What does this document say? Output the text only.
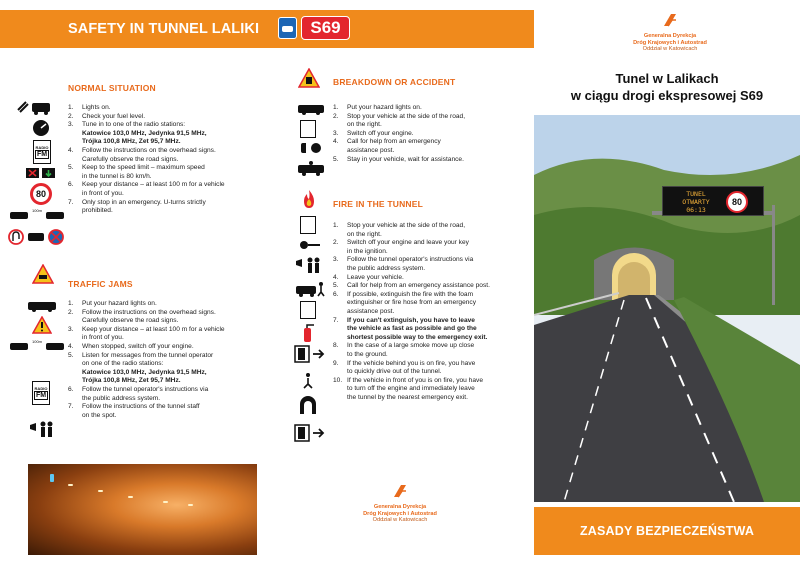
SAFETY IN TUNNEL LALIKI	S69
NORMAL SITUATION
1.	Lights on.
2.	Check your fuel level.
3.	Tune in to one of the radio stations:
Katowice 103,0 MHz, Jedynka 91,5 MHz,
Trójka 100,8 MHz, Zet 95,7 MHz.
4.	Follow the instructions on the overhead signs.
Carefully observe the road signs.
5.	Keep to the speed limit – maximum speed
in the tunnel is 80 km/h.
6.	Keep your distance – at least 100 m for a vehicle
in front of you.
7.	Only stop in an emergency. U-turns strictly
prohibited.
RADIO
FM
80
100m
TRAFFIC JAMS
1.	Put your hazard lights on.
2.	Follow the instructions on the overhead signs.
Carefully observe the road signs.
3.	Keep your distance – at least 100 m for a vehicle
in front of you.
4.	When stopped, switch off your engine.
5.	Listen for messages from the tunnel operator
on one of the radio stations:
Katowice 103,0 MHz, Jedynka 91,5 MHz,
Trójka 100,8 MHz, Zet 95,7 MHz.
6.	Follow the tunnel operator's instructions via
the public address system.
7.	Follow the instructions of the tunnel staff
on the spot.
100m
RADIO
FM
BREAKDOWN OR ACCIDENT
1.	Put your hazard lights on.
2.	Stop your vehicle at the side of the road,
on the right.
3.	Switch off your engine.
4.	Call for help from an emergency
assistance post.
5.	Stay in your vehicle, wait for assistance.
FIRE IN THE TUNNEL
1.	Stop your vehicle at the side of the road,
on the right.
2.	Switch off your engine and leave your key
in the ignition.
3.	Follow the tunnel operator's instructions via
the public address system.
4.	Leave your vehicle.
5.	Call for help from an emergency assistance post.
6.	If possible, extinguish the fire with the foam
extinguisher or fire hose from an emergency
assistance post.
7.	If you can't extinguish, you have to leave
the vehicle as fast as possible and go the
shortest possible way to the emergency exit.
8.	In the case of a large smoke move up close
to the ground.
9.	If the vehicle behind you is on fire, you have
to quickly drive out of the tunnel.
10. If the vehicle in front of you is on fire, you have
to turn off the engine and immediately leave
the tunnel by the nearest emergency exit.
Generalna Dyrekcja
Dróg Krajowych i Autostrad
Oddział w Katowicach
Generalna Dyrekcja
Dróg Krajowych i Autostrad
Oddział w Katowicach
Tunel w Lalikach
w ciągu drogi ekspresowej S69
TUNEL
OTWARTY
06:13
80
ZASADY BEZPIECZEŃSTWA
